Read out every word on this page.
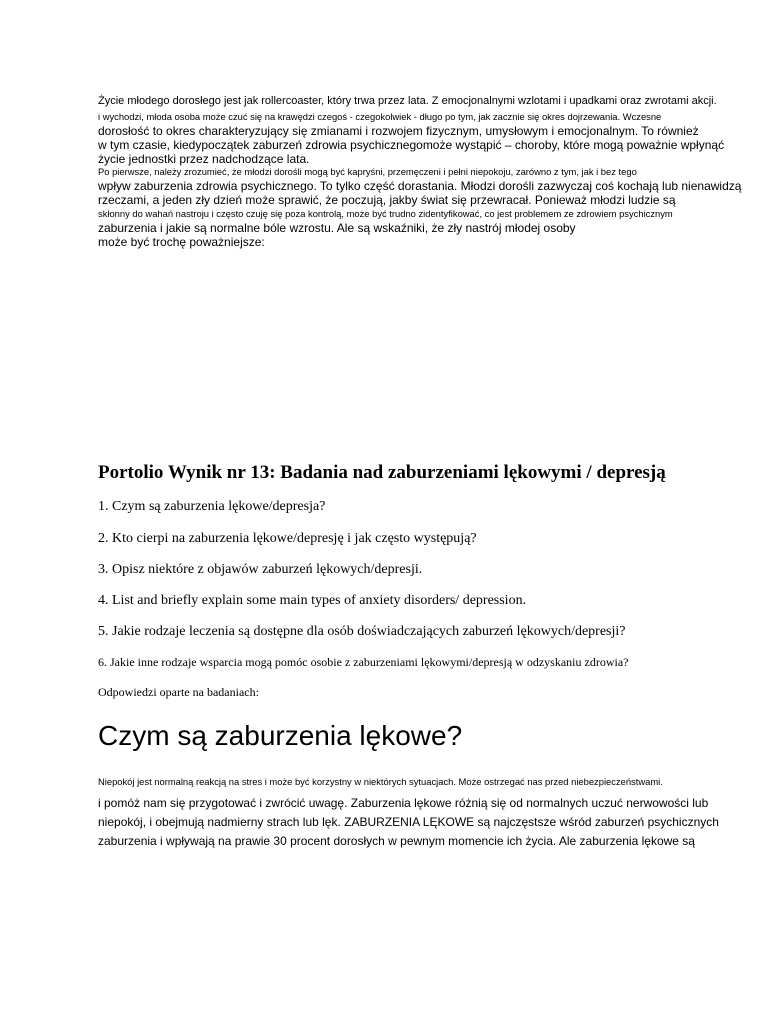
Życie młodego dorosłego jest jak rollercoaster, który trwa przez lata. Z emocjonalnymi wzlotami i upadkami oraz zwrotami akcji.

i wychodzi, młoda osoba może czuć się na krawędzi czegoś - czegokolwiek - długo po tym, jak zacznie się okres dojrzewania. Wczesne

dorosłość to okres charakteryzujący się zmianami i rozwojem fizycznym, umysłowym i emocjonalnym. To również

w tym czasie, kiedypoczątek zaburzeń zdrowia psychicznegomoże wystąpić – choroby, które mogą poważnie wpłynąć

życie jednostki przez nadchodzące lata.

Po pierwsze, należy zrozumieć, że młodzi dorośli mogą być kapryśni, przemęczeni i pełni niepokoju, zarówno z tym, jak i bez tego

wpływ zaburzenia zdrowia psychicznego. To tylko część dorastania. Młodzi dorośli zazwyczaj coś kochają lub nienawidzą

rzeczami, a jeden zły dzień może sprawić, że poczują, jakby świat się przewracał. Ponieważ młodzi ludzie są

skłonny do wahań nastroju i często czuję się poza kontrolą, może być trudno zidentyfikować, co jest problemem ze zdrowiem psychicznym

zaburzenia i jakie są normalne bóle wzrostu. Ale są wskaźniki, że zły nastrój młodej osoby

może być trochę poważniejsze:

Portolio Wynik nr 13: Badania nad zaburzeniami lękowymi / depresją

1. Czym są zaburzenia lękowe/depresja?

2. Kto cierpi na zaburzenia lękowe/depresję i jak często występują?

3. Opisz niektóre z objawów zaburzeń lękowych/depresji.

4. List and briefly explain some main types of anxiety disorders/ depression.

5. Jakie rodzaje leczenia są dostępne dla osób doświadczających zaburzeń lękowych/depresji?

6. Jakie inne rodzaje wsparcia mogą pomóc osobie z zaburzeniami lękowymi/depresją w odzyskaniu zdrowia?

Odpowiedzi oparte na badaniach:

Czym są zaburzenia lękowe?

Niepokój jest normalną reakcją na stres i może być korzystny w niektórych sytuacjach. Może ostrzegać nas przed niebezpieczeństwami.

i pomóż nam się przygotować i zwrócić uwagę. Zaburzenia lękowe różnią się od normalnych uczuć nerwowości lub

niepokój, i obejmują nadmierny strach lub lęk. ZABURZENIA LĘKOWE są najczęstsze wśród zaburzeń psychicznych

zaburzenia i wpływają na prawie 30 procent dorosłych w pewnym momencie ich życia. Ale zaburzenia lękowe są
